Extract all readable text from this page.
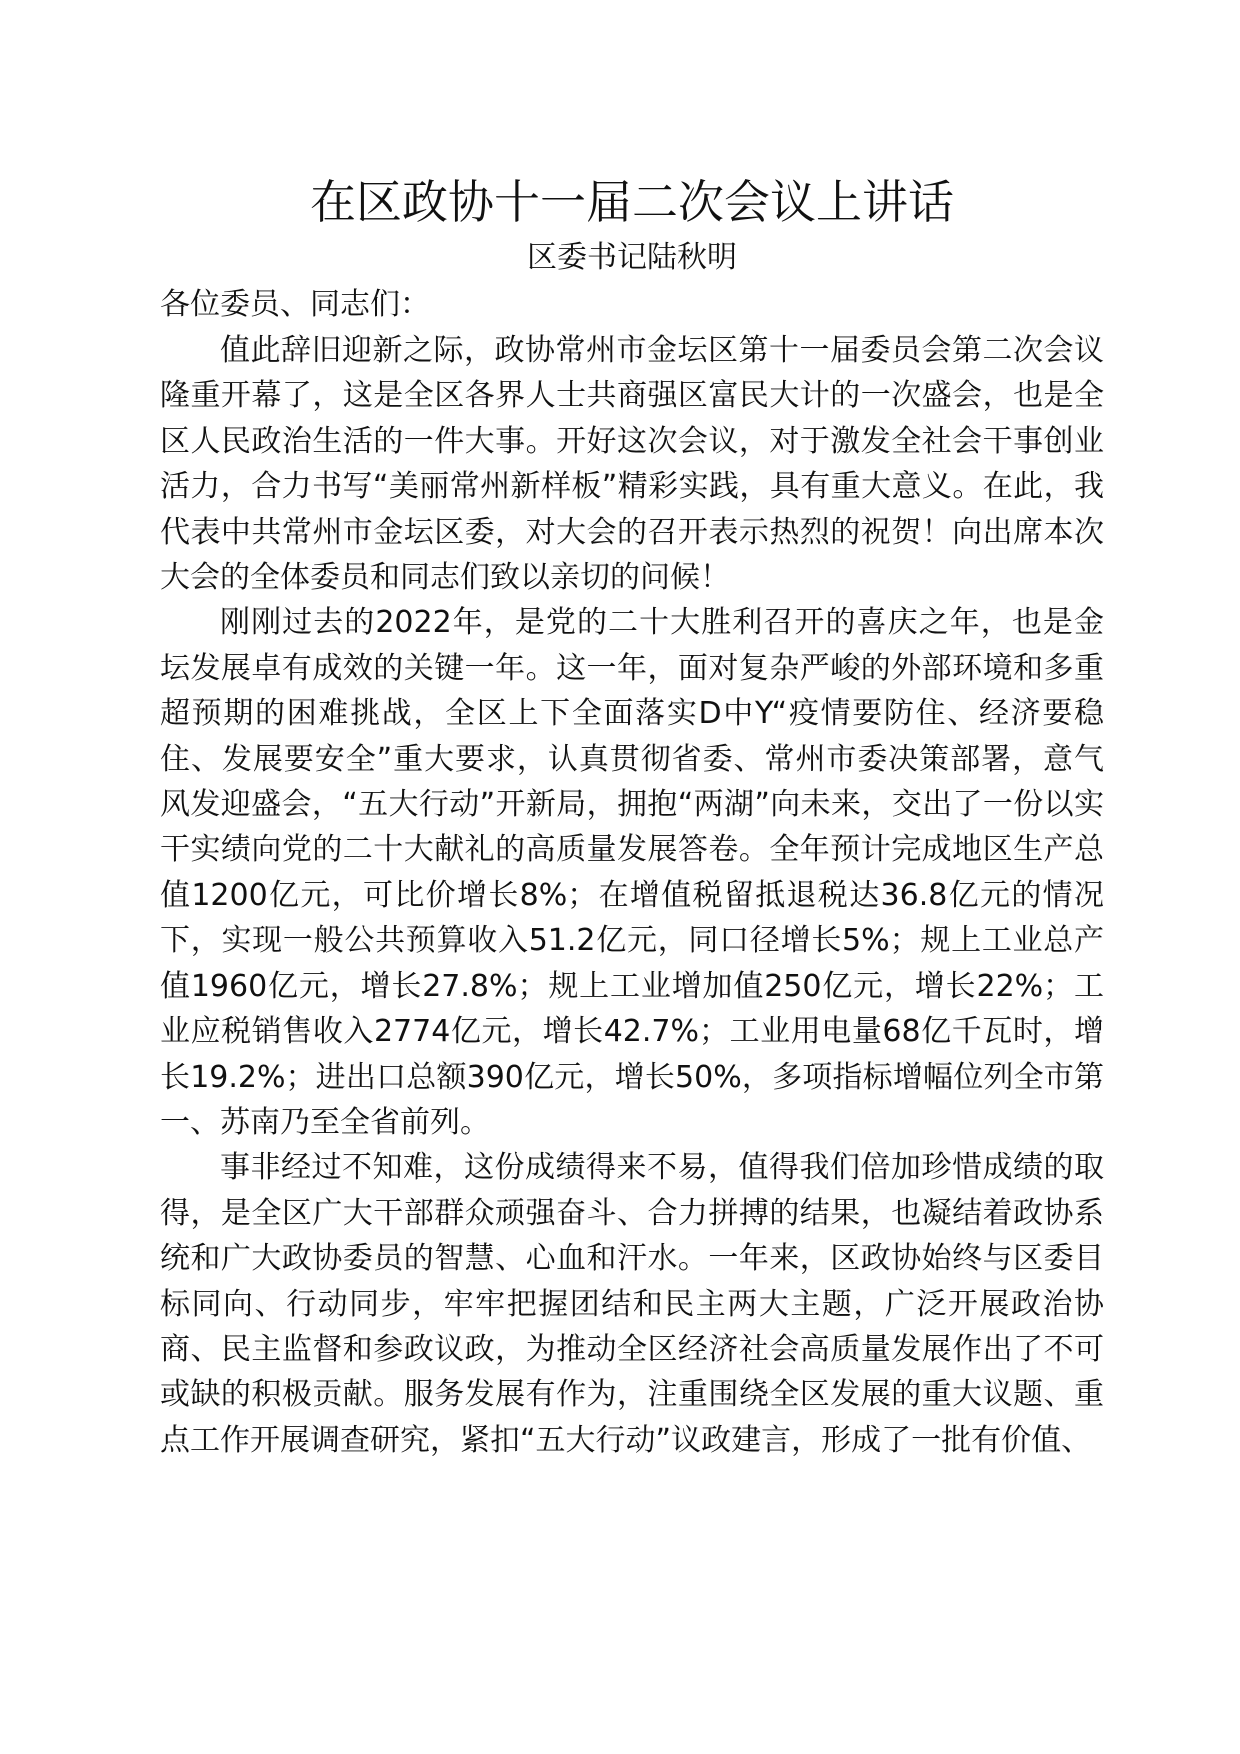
在区政协十一届二次会议上讲话

区委书记陆秋明

各位委员、同志们：

值此辞旧迎新之际，政协常州市金坛区第十一届委员会第二次会议隆重开幕了，这是全区各界人士共商强区富民大计的一次盛会，也是全区人民政治生活的一件大事。开好这次会议，对于激发全社会干事创业活力，合力书写“美丽常州新样板”精彩实践，具有重大意义。在此，我代表中共常州市金坛区委，对大会的召开表示热烈的祝贺！向出席本次大会的全体委员和同志们致以亲切的问候！

刚刚过去的2022年，是党的二十大胜利召开的喜庆之年，也是金坛发展卓有成效的关键一年。这一年，面对复杂严峻的外部环境和多重超预期的困难挑战，全区上下全面落实D中Y“疫情要防住、经济要稳住、发展要安全”重大要求，认真贯彻省委、常州市委决策部署，意气风发迎盛会，“五大行动”开新局，拥抱“两湖”向未来，交出了一份以实干实绩向党的二十大献礼的高质量发展答卷。全年预计完成地区生产总值1200亿元，可比价增长8%；在增值税留抵退税达36.8亿元的情况下，实现一般公共预算收入51.2亿元，同口径增长5%；规上工业总产值1960亿元，增长27.8%；规上工业增加值250亿元，增长22%；工业应税销售收入2774亿元，增长42.7%；工业用电量68亿千瓦时，增长19.2%；进出口总额390亿元，增长50%，多项指标增幅位列全市第一、苏南乃至全省前列。

事非经过不知难，这份成绩得来不易，值得我们倍加珍惜成绩的取得，是全区广大干部群众顽强奋斗、合力拼搏的结果，也凝结着政协系统和广大政协委员的智慧、心血和汗水。一年来，区政协始终与区委目标同向、行动同步，牢牢把握团结和民主两大主题，广泛开展政治协商、民主监督和参政议政，为推动全区经济社会高质量发展作出了不可或缺的积极贡献。服务发展有作为，注重围绕全区发展的重大议题、重点工作开展调查研究，紧扣“五大行动”议政建言，形成了一批有价值、
